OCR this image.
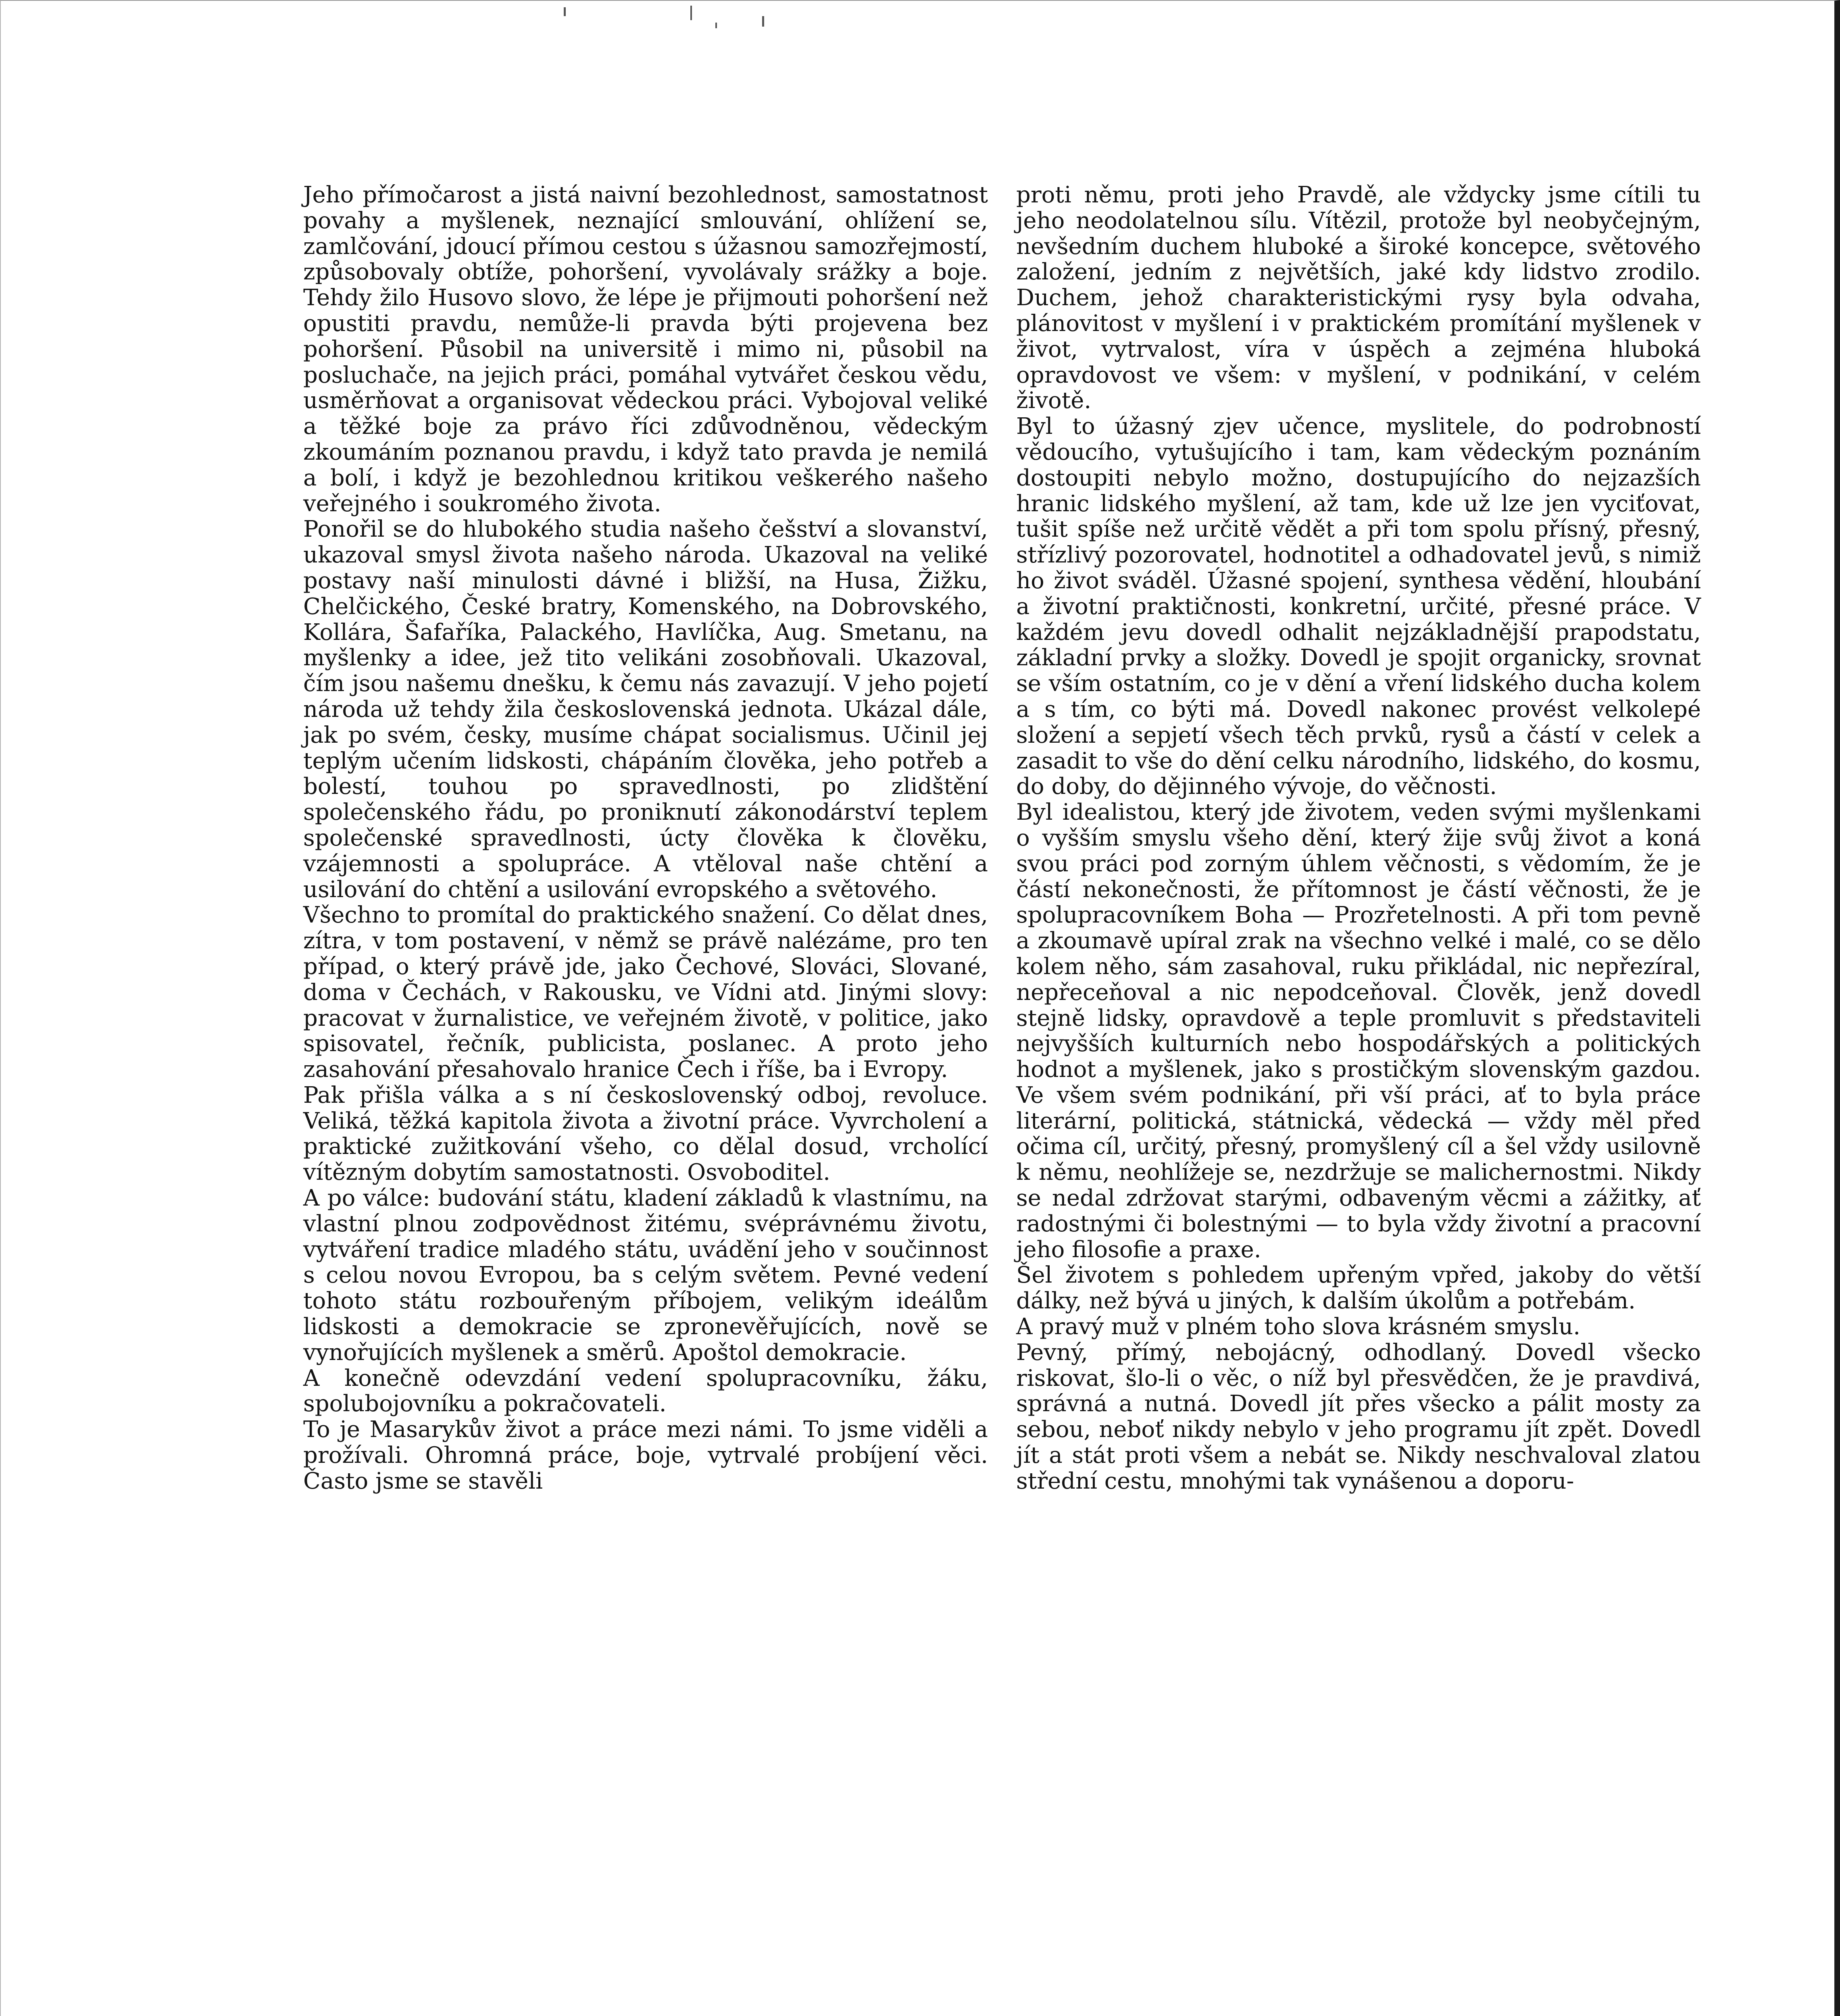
Jeho přímočarost a jistá naivní bezohlednost, samostatnost povahy a myšlenek, neznající smlouvání, ohlížení se, zamlčování, jdoucí přímou cestou s úžasnou samozřejmostí, způsobovaly obtíže, pohoršení, vyvolávaly srážky a boje. Tehdy žilo Husovo slovo, že lépe je přijmouti pohoršení než opustiti pravdu, nemůže-li pravda býti projevena bez pohoršení. Působil na universitě i mimo ni, působil na posluchače, na jejich práci, pomáhal vytvářet českou vědu, usměrňovat a organisovat vědeckou práci. Vybojoval veliké a těžké boje za právo říci zdůvodněnou, vědeckým zkoumáním poznanou pravdu, i když tato pravda je nemilá a bolí, i když je bezohlednou kritikou veškerého našeho veřejného i soukromého života.

Ponořil se do hlubokého studia našeho češství a slovanství, ukazoval smysl života našeho národa. Ukazoval na veliké postavy naší minulosti dávné i bližší, na Husa, Žižku, Chelčického, České bratry, Komenského, na Dobrovského, Kollára, Šafaříka, Palackého, Havlíčka, Aug. Smetanu, na myšlenky a idee, jež tito velikáni zosobňovali. Ukazoval, čím jsou našemu dnešku, k čemu nás zavazují. V jeho pojetí národa už tehdy žila československá jednota. Ukázal dále, jak po svém, česky, musíme chápat socialismus. Učinil jej teplým učením lidskosti, chápáním člověka, jeho potřeb a bolestí, touhou po spravedlnosti, po zlidštění společenského řádu, po proniknutí zákonodárství teplem společenské spravedlnosti, úcty člověka k člověku, vzájemnosti a spolupráce. A vtěloval naše chtění a usilování do chtění a usilování evropského a světového.

Všechno to promítal do praktického snažení. Co dělat dnes, zítra, v tom postavení, v němž se právě nalézáme, pro ten případ, o který právě jde, jako Čechové, Slováci, Slované, doma v Čechách, v Rakousku, ve Vídni atd. Jinými slovy: pracovat v žurnalistice, ve veřejném životě, v politice, jako spisovatel, řečník, publicista, poslanec. A proto jeho zasahování přesahovalo hranice Čech i říše, ba i Evropy.

Pak přišla válka a s ní československý odboj, revoluce. Veliká, těžká kapitola života a životní práce. Vyvrcholení a praktické zužitkování všeho, co dělal dosud, vrcholící vítězným dobytím samostatnosti. Osvoboditel.

A po válce: budování státu, kladení základů k vlastnímu, na vlastní plnou zodpovědnost žitému, svéprávnému životu, vytváření tradice mladého státu, uvádění jeho v součinnost s celou novou Evropou, ba s celým světem. Pevné vedení tohoto státu rozbouřeným příbojem, velikým ideálům lidskosti a demokracie se zpronevěřujících, nově se vynořujících myšlenek a směrů. Apoštol demokracie.

A konečně odevzdání vedení spolupracovníku, žáku, spolubojovníku a pokračovateli.

To je Masarykův život a práce mezi námi. To jsme viděli a prožívali. Ohromná práce, boje, vytrvalé probíjení věci. Často jsme se stavěli

proti němu, proti jeho Pravdě, ale vždycky jsme cítili tu jeho neodolatelnou sílu. Vítězil, protože byl neobyčejným, nevšedním duchem hluboké a široké koncepce, světového založení, jedním z největších, jaké kdy lidstvo zrodilo. Duchem, jehož charakteristickými rysy byla odvaha, plánovitost v myšlení i v praktickém promítání myšlenek v život, vytrvalost, víra v úspěch a zejména hluboká opravdovost ve všem: v myšlení, v podnikání, v celém životě.

Byl to úžasný zjev učence, myslitele, do podrobností vědoucího, vytušujícího i tam, kam vědeckým poznáním dostoupiti nebylo možno, dostupujícího do nejzazších hranic lidského myšlení, až tam, kde už lze jen vyciťovat, tušit spíše než určitě vědět a při tom spolu přísný, přesný, střízlivý pozorovatel, hodnotitel a odhadovatel jevů, s nimiž ho život sváděl. Úžasné spojení, synthesa vědění, hloubání a životní praktičnosti, konkretní, určité, přesné práce. V každém jevu dovedl odhalit nejzákladnější prapodstatu, základní prvky a složky. Dovedl je spojit organicky, srovnat se vším ostatním, co je v dění a vření lidského ducha kolem a s tím, co býti má. Dovedl nakonec provést velkolepé složení a sepjetí všech těch prvků, rysů a částí v celek a zasadit to vše do dění celku národního, lidského, do kosmu, do doby, do dějinného vývoje, do věčnosti.

Byl idealistou, který jde životem, veden svými myšlenkami o vyšším smyslu všeho dění, který žije svůj život a koná svou práci pod zorným úhlem věčnosti, s vědomím, že je částí nekonečnosti, že přítomnost je částí věčnosti, že je spolupracovníkem Boha — Prozřetelnosti. A při tom pevně a zkoumavě upíral zrak na všechno velké i malé, co se dělo kolem něho, sám zasahoval, ruku přikládal, nic nepřezíral, nepřeceňoval a nic nepodceňoval. Člověk, jenž dovedl stejně lidsky, opravdově a teple promluvit s představiteli nejvyšších kulturních nebo hospodářských a politických hodnot a myšlenek, jako s prostičkým slovenským gazdou. Ve všem svém podnikání, při vší práci, ať to byla práce literární, politická, státnická, vědecká — vždy měl před očima cíl, určitý, přesný, promyšlený cíl a šel vždy usilovně k němu, neohlížeje se, nezdržuje se malichernostmi. Nikdy se nedal zdržovat starými, odbaveným věcmi a zážitky, ať radostnými či bolestnými — to byla vždy životní a pracovní jeho filosofie a praxe.

Šel životem s pohledem upřeným vpřed, jakoby do větší dálky, než bývá u jiných, k dalším úkolům a potřebám.

A pravý muž v plném toho slova krásném smyslu.

Pevný, přímý, nebojácný, odhodlaný. Dovedl všecko riskovat, šlo-li o věc, o níž byl přesvědčen, že je pravdivá, správná a nutná. Dovedl jít přes všecko a pálit mosty za sebou, neboť nikdy nebylo v jeho programu jít zpět. Dovedl jít a stát proti všem a nebát se. Nikdy neschvaloval zlatou střední cestu, mnohými tak vynášenou a doporu-
